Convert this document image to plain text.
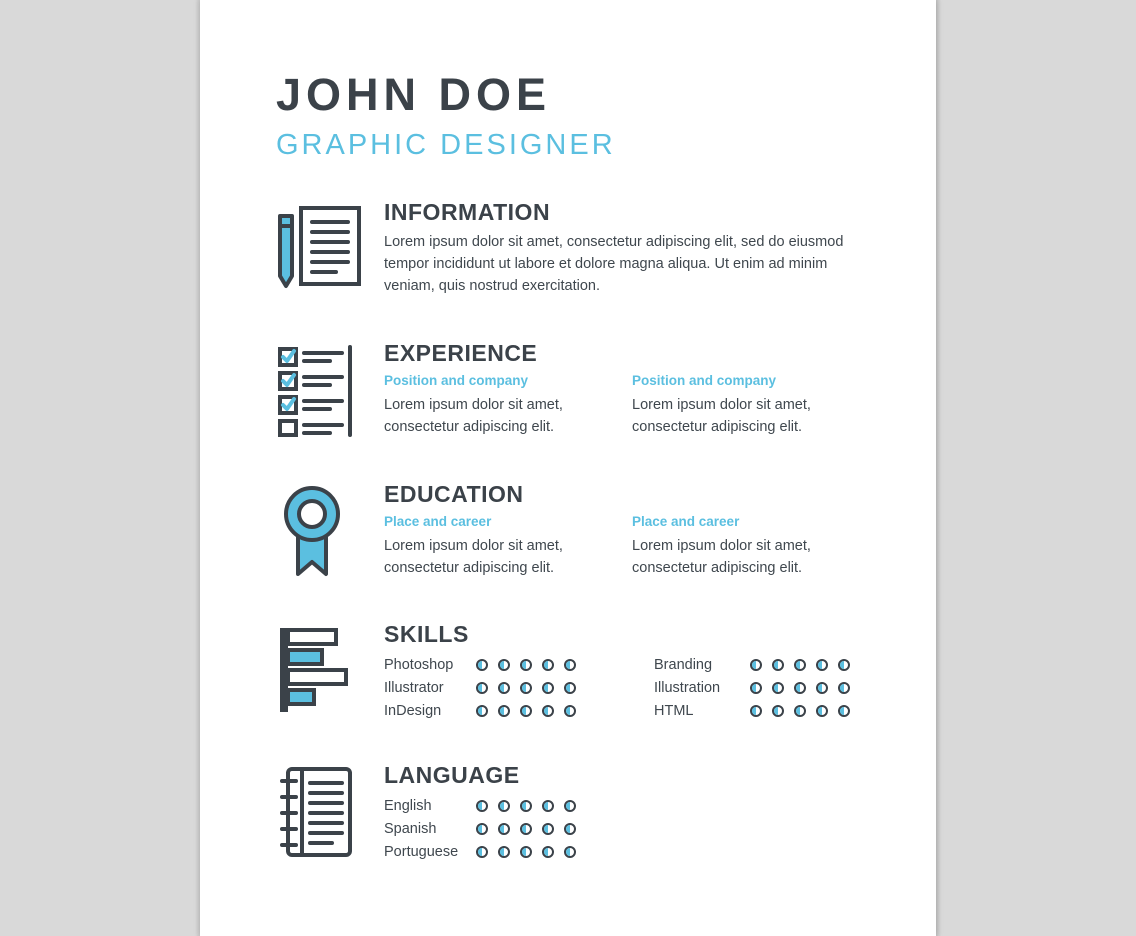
JOHN DOE
GRAPHIC DESIGNER
INFORMATION

Lorem ipsum dolor sit amet, consectetur adipiscing elit, sed do eiusmod tempor incididunt ut labore et dolore magna aliqua. Ut enim ad minim veniam, quis nostrud exercitation.

EXPERIENCE

Position and company

Lorem ipsum dolor sit amet, consectetur adipiscing elit.

Position and company

Lorem ipsum dolor sit amet, consectetur adipiscing elit.

EDUCATION

Place and career

Lorem ipsum dolor sit amet, consectetur adipiscing elit.

Place and career

Lorem ipsum dolor sit amet, consectetur adipiscing elit.

SKILLS
Photoshop
Illustrator
InDesign
Branding
Illustration
HTML
LANGUAGE
English
Spanish
Portuguese
